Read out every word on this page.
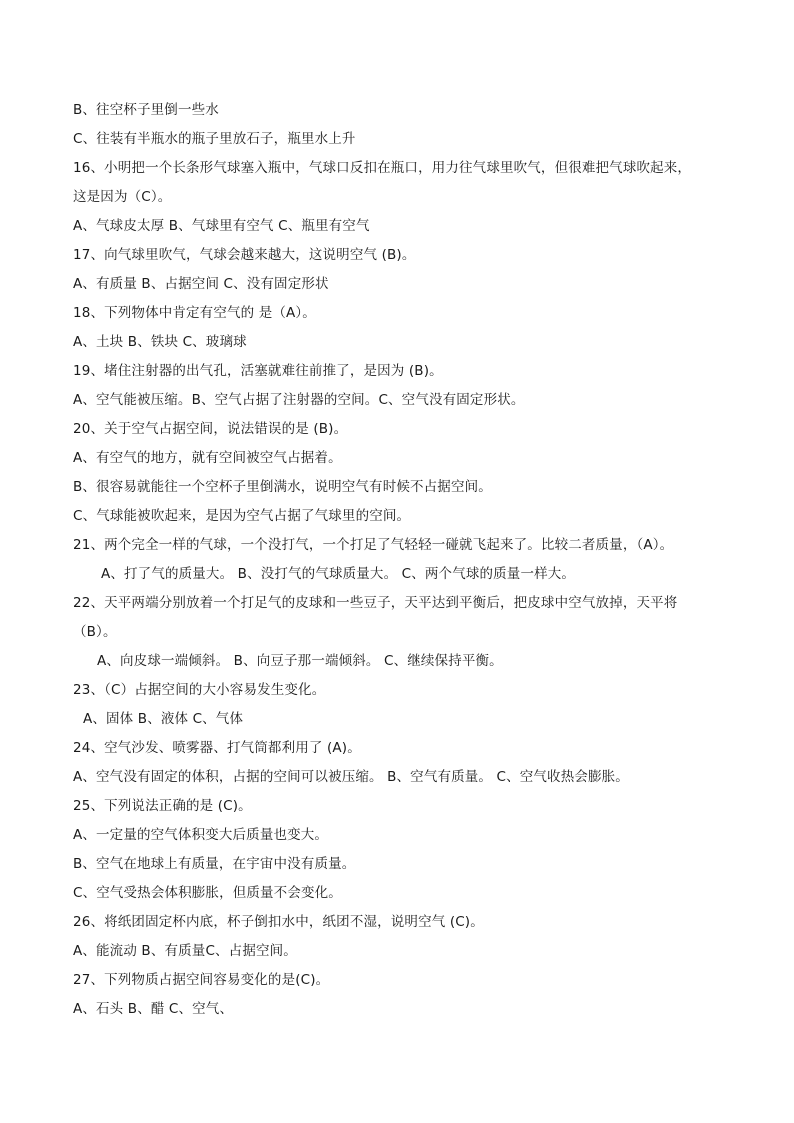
B、往空杯子里倒一些水
C、往装有半瓶水的瓶子里放石子，瓶里水上升
16、小明把一个长条形气球塞入瓶中，气球口反扣在瓶口，用力往气球里吹气，但很难把气球吹起来，
这是因为（C）。
A、气球皮太厚 B、气球里有空气 C、瓶里有空气
17、向气球里吹气，气球会越来越大，这说明空气 (B)。
A、有质量 B、占据空间 C、没有固定形状
18、下列物体中肯定有空气的 是（A）。
A、土块 B、铁块 C、玻璃球
19、堵住注射器的出气孔，活塞就难往前推了，是因为 (B)。
A、空气能被压缩。B、空气占据了注射器的空间。C、空气没有固定形状。
20、关于空气占据空间，说法错误的是 (B)。
A、有空气的地方，就有空间被空气占据着。
B、很容易就能往一个空杯子里倒满水，说明空气有时候不占据空间。
C、气球能被吹起来，是因为空气占据了气球里的空间。
21、两个完全一样的气球，一个没打气，一个打足了气轻轻一碰就飞起来了。比较二者质量，（A）。
A、打了气的质量大。 B、没打气的气球质量大。 C、两个气球的质量一样大。
22、天平两端分别放着一个打足气的皮球和一些豆子，天平达到平衡后，把皮球中空气放掉，天平将
（B）。
A、向皮球一端倾斜。 B、向豆子那一端倾斜。 C、继续保持平衡。
23、（C）占据空间的大小容易发生变化。
A、固体 B、液体 C、气体
24、空气沙发、喷雾器、打气筒都利用了 (A)。
A、空气没有固定的体积，占据的空间可以被压缩。 B、空气有质量。 C、空气收热会膨胀。
25、下列说法正确的是 (C)。
A、一定量的空气体积变大后质量也变大。
B、空气在地球上有质量，在宇宙中没有质量。
C、空气受热会体积膨胀，但质量不会变化。
26、将纸团固定杯内底，杯子倒扣水中，纸团不湿，说明空气 (C)。
A、能流动 B、有质量C、占据空间。
27、下列物质占据空间容易变化的是(C)。
A、石头 B、醋 C、空气、
